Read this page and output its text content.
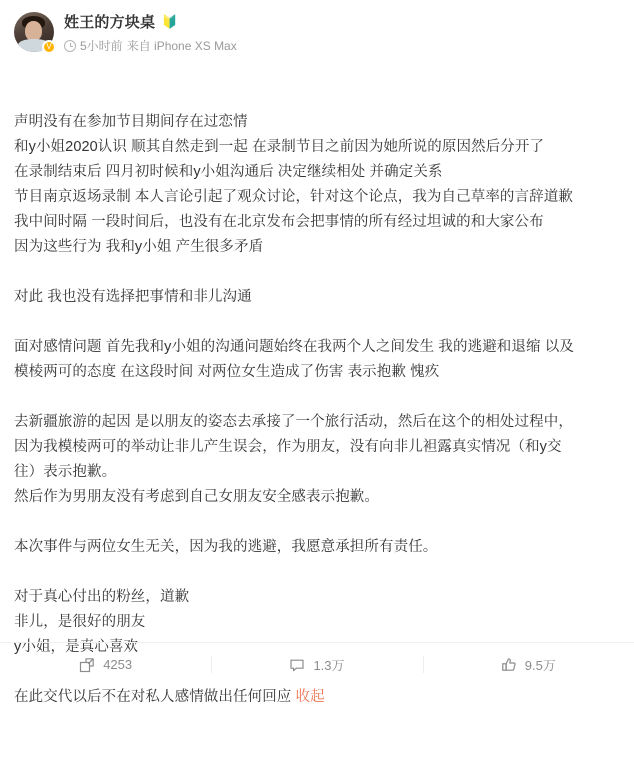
V
姓王的方块桌 🔰
5小时前 来自 iPhone XS Max

声明没有在参加节目期间存在过恋情
和y小姐2020认识 顺其自然走到一起 在录制节目之前因为她所说的原因然后分开了
在录制结束后 四月初时候和y小姐沟通后 决定继续相处 并确定关系
节目南京返场录制 本人言论引起了观众讨论，针对这个论点，我为自己草率的言辞道歉
我中间时隔 一段时间后，也没有在北京发布会把事情的所有经过坦诚的和大家公布
因为这些行为 我和y小姐 产生很多矛盾
对此 我也没有选择把事情和非儿沟通
面对感情问题 首先我和y小姐的沟通问题始终在我两个人之间发生 我的逃避和退缩 以及
模棱两可的态度 在这段时间 对两位女生造成了伤害 表示抱歉 愧疚
去新疆旅游的起因 是以朋友的姿态去承接了一个旅行活动，然后在这个的相处过程中，
因为我模棱两可的举动让非儿产生误会，作为朋友，没有向非儿袒露真实情况（和y交
往）表示抱歉。
然后作为男朋友没有考虑到自己女朋友安全感表示抱歉。
本次事件与两位女生无关，因为我的逃避，我愿意承担所有责任。
对于真心付出的粉丝，道歉
非儿，是很好的朋友
y小姐，是真心喜欢
在此交代以后不在对私人感情做出任何回应 收起

4253	1.3万	9.5万
